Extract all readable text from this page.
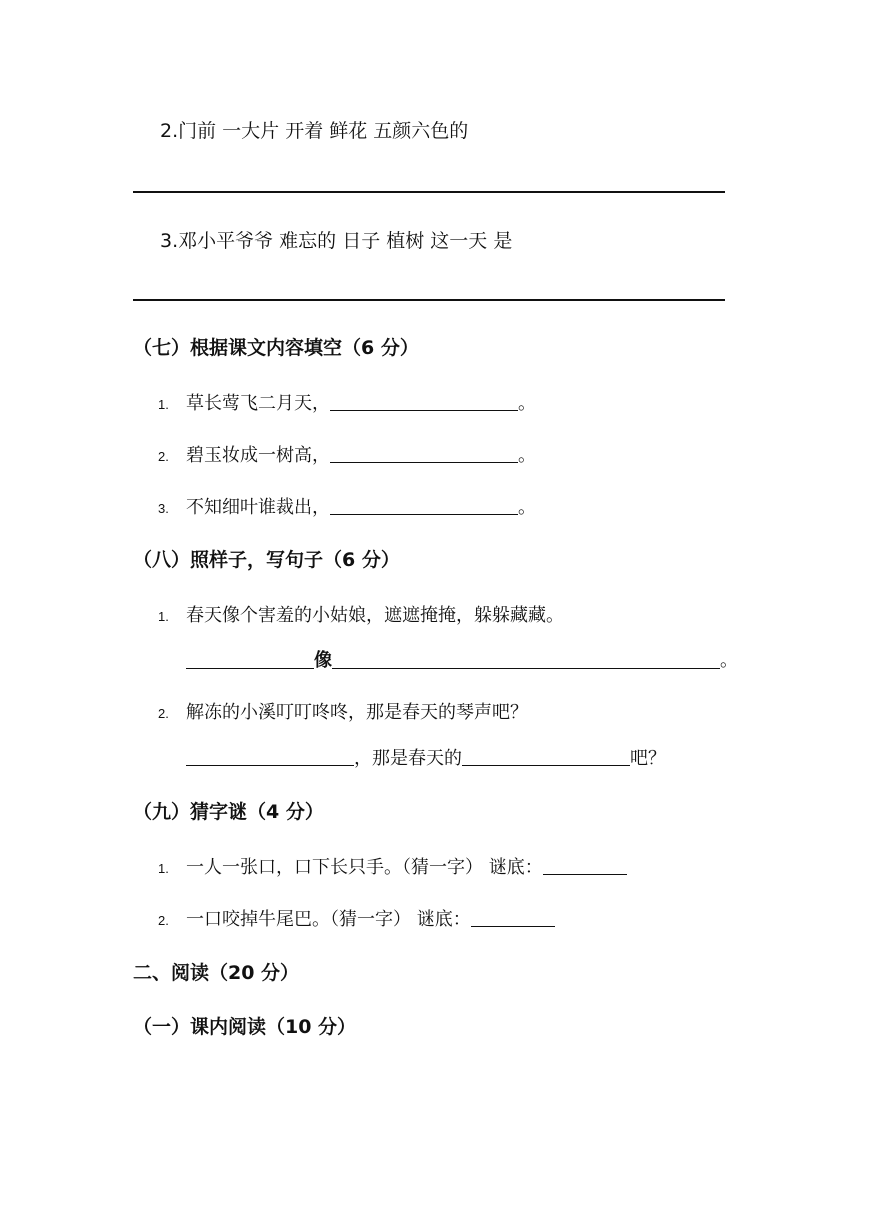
2.门前 一大片 开着 鲜花 五颜六色的
3.邓小平爷爷 难忘的 日子 植树 这一天 是
（七）根据课文内容填空（6 分）
1. 草长莺飞二月天，	。
2. 碧玉妆成一树高，	。
3. 不知细叶谁裁出，	。
（八）照样子，写句子（6 分）
1. 春天像个害羞的小姑娘，遮遮掩掩，躲躲藏藏。
像	。
2. 解冻的小溪叮叮咚咚，那是春天的琴声吧？
，那是春天的	吧？
（九）猜字谜（4 分）
1. 一人一张口，口下长只手。（猜一字） 谜底：
2. 一口咬掉牛尾巴。（猜一字） 谜底：
二、阅读（20 分）
（一）课内阅读（10 分）
